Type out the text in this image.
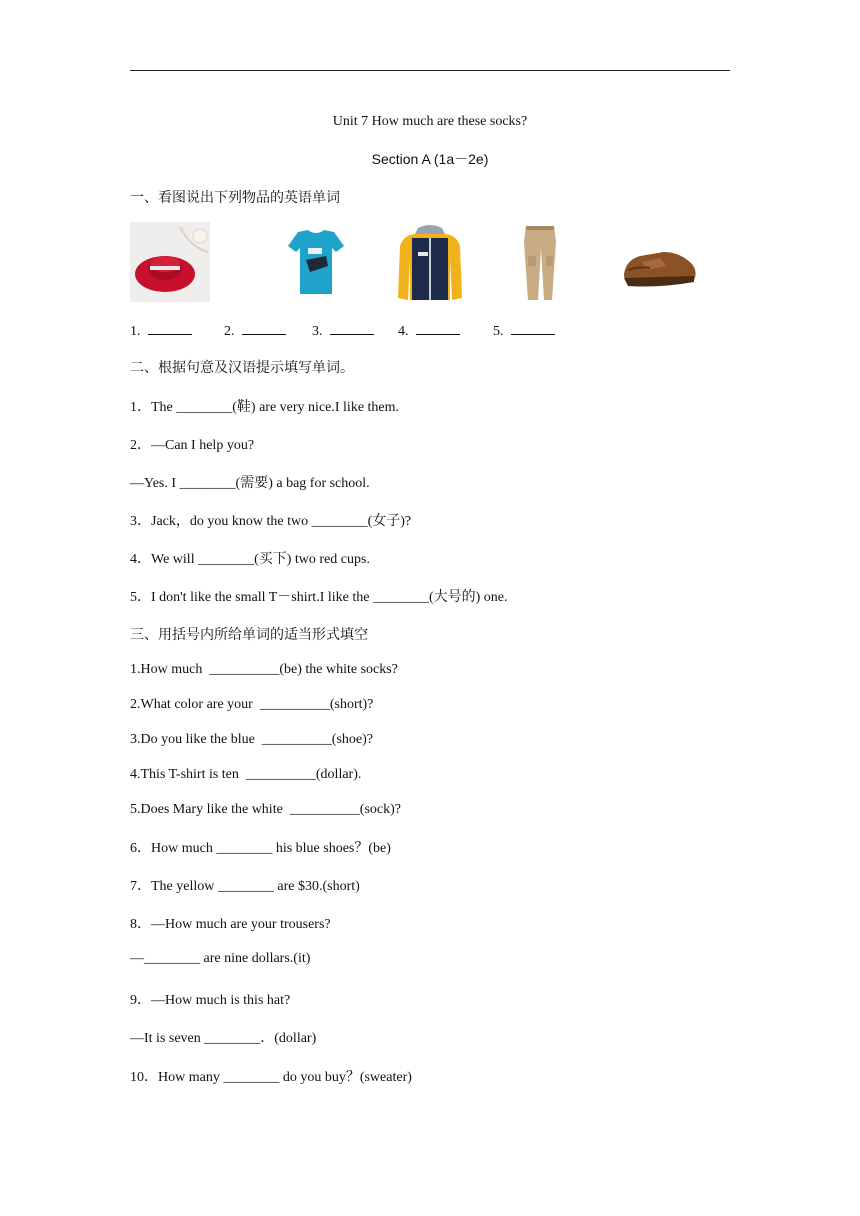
Unit 7 How much are these socks?
Section A (1a－2e)
一、看图说出下列物品的英语单词
1.	2.	3.	4.	5.
二、根据句意及汉语提示填写单词。
1．The ________(鞋) are very nice.I like them.
2．—Can I help you?
—Yes. I ________(需要) a bag for school.
3．Jack，do you know the two ________(女子)?
4．We will ________(买下) two red cups.
5．I don't like the small T－shirt.I like the ________(大号的) one.
三、用括号内所给单词的适当形式填空
1.How much  __________(be) the white socks?
2.What color are your  __________(short)?
3.Do you like the blue  __________(shoe)?
4.This T-shirt is ten  __________(dollar).
5.Does Mary like the white  __________(sock)?
6．How much ________ his blue shoes？(be)
7．The yellow ________ are $30.(short)
8．—How much are your trousers?
—________ are nine dollars.(it)
9．—How much is this hat?
—It is seven ________．(dollar)
10．How many ________ do you buy？(sweater)
